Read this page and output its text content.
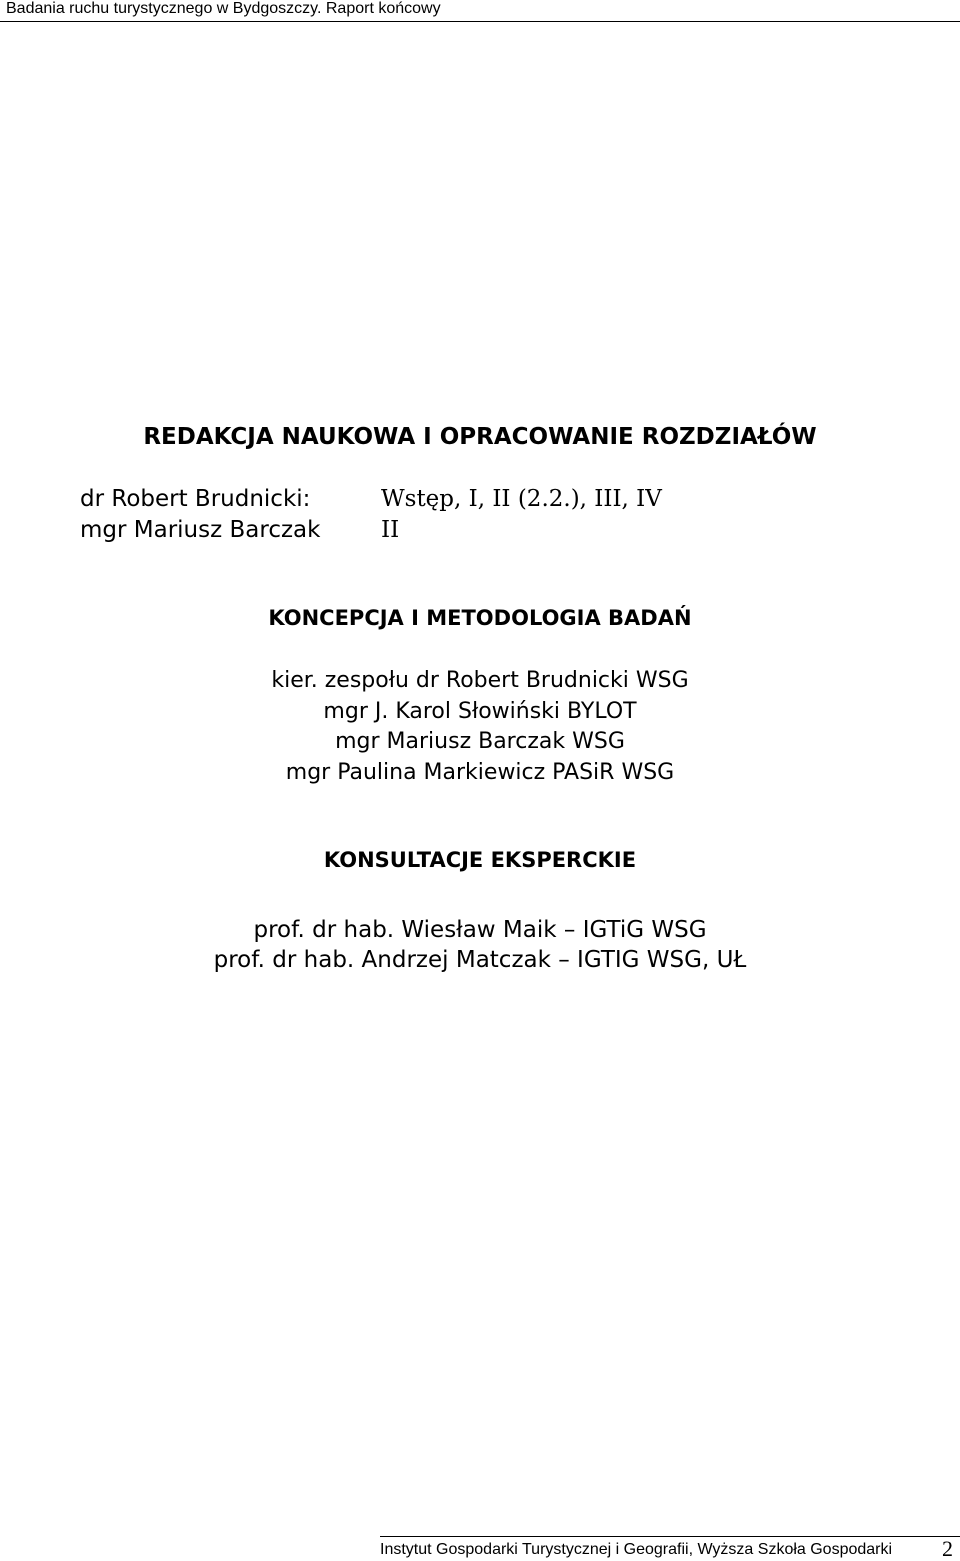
Badania ruchu turystycznego w Bydgoszczy. Raport końcowy
REDAKCJA NAUKOWA I OPRACOWANIE ROZDZIAŁÓW
dr Robert Brudnicki:	Wstęp, I, II (2.2.), III, IV
mgr Mariusz Barczak	II
KONCEPCJA I METODOLOGIA BADAŃ
kier. zespołu dr Robert Brudnicki WSG
mgr J. Karol Słowiński BYLOT
mgr Mariusz Barczak WSG
mgr Paulina Markiewicz PASiR WSG
KONSULTACJE EKSPERCKIE
prof. dr hab. Wiesław Maik – IGTiG WSG
prof. dr hab. Andrzej Matczak – IGTIG WSG, UŁ
Instytut Gospodarki Turystycznej i Geografii, Wyższa Szkoła Gospodarki 2
